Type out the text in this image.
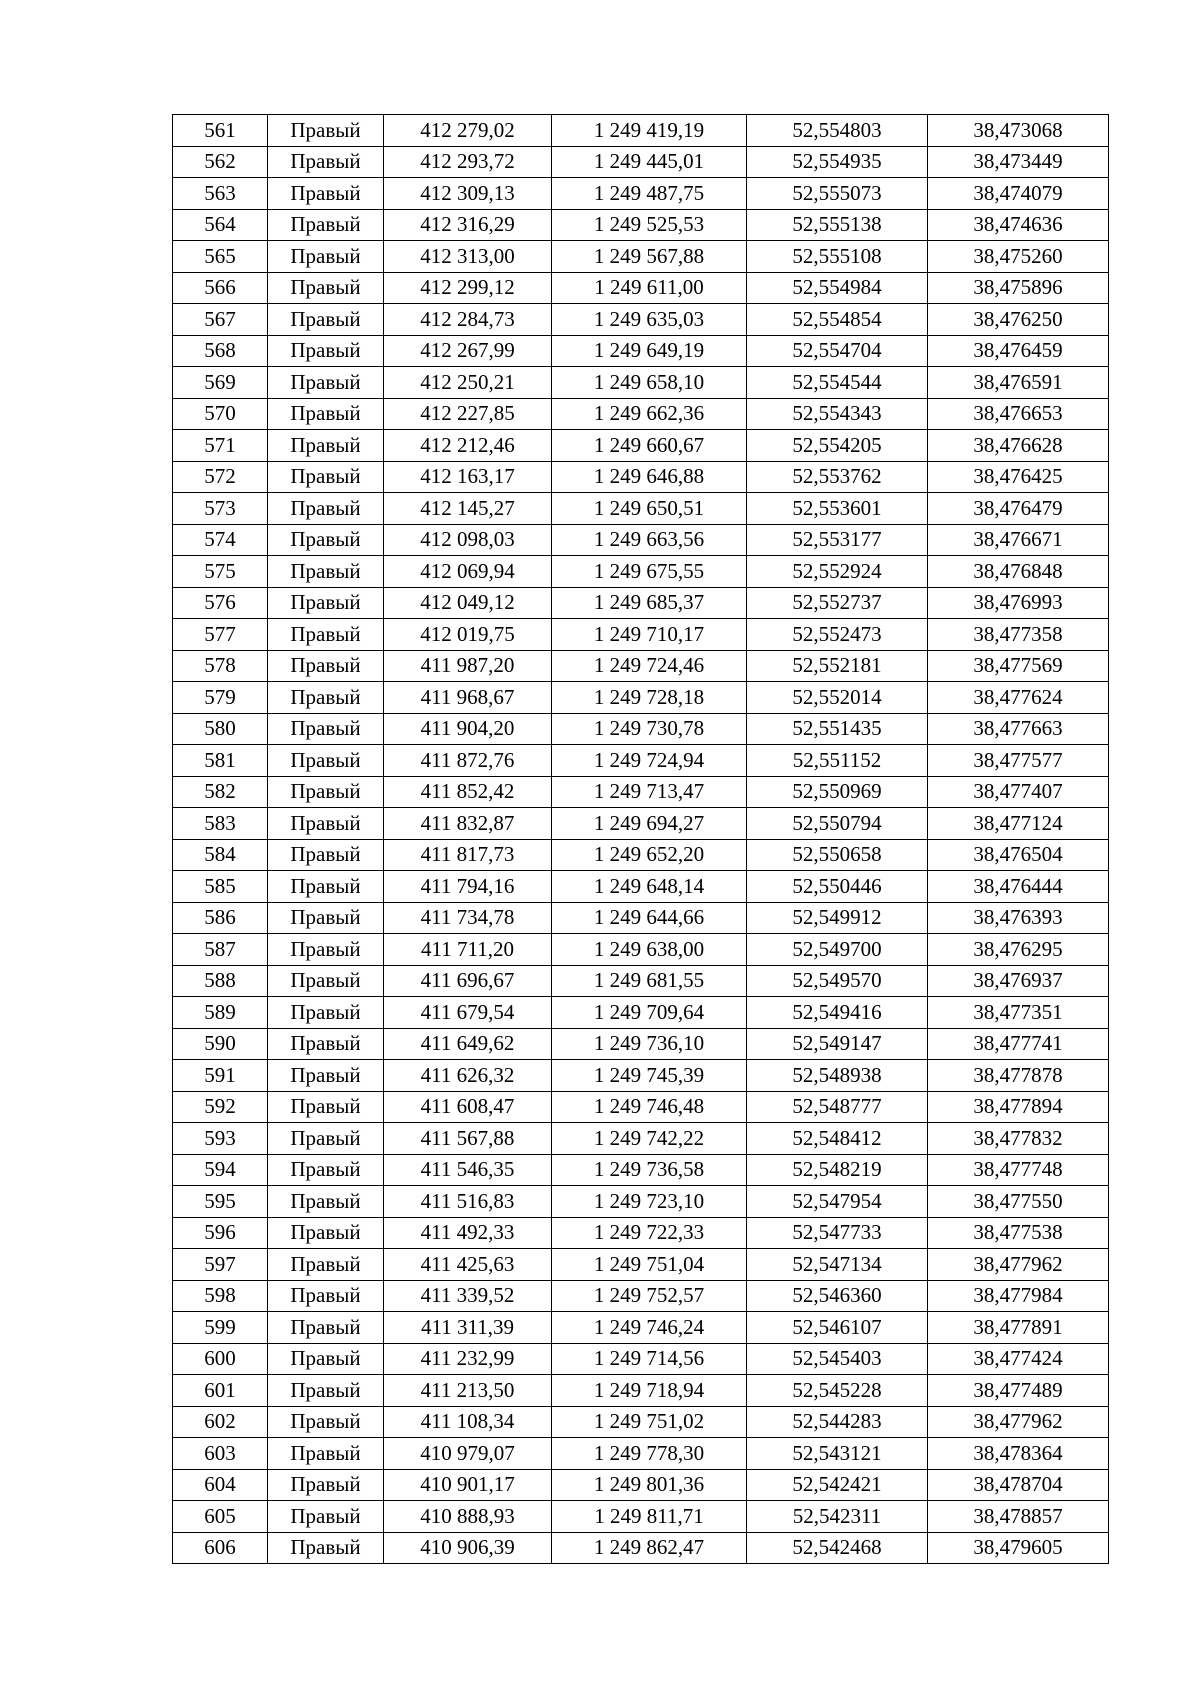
561	Правый	412 279,02	1 249 419,19	52,554803	38,473068
562	Правый	412 293,72	1 249 445,01	52,554935	38,473449
563	Правый	412 309,13	1 249 487,75	52,555073	38,474079
564	Правый	412 316,29	1 249 525,53	52,555138	38,474636
565	Правый	412 313,00	1 249 567,88	52,555108	38,475260
566	Правый	412 299,12	1 249 611,00	52,554984	38,475896
567	Правый	412 284,73	1 249 635,03	52,554854	38,476250
568	Правый	412 267,99	1 249 649,19	52,554704	38,476459
569	Правый	412 250,21	1 249 658,10	52,554544	38,476591
570	Правый	412 227,85	1 249 662,36	52,554343	38,476653
571	Правый	412 212,46	1 249 660,67	52,554205	38,476628
572	Правый	412 163,17	1 249 646,88	52,553762	38,476425
573	Правый	412 145,27	1 249 650,51	52,553601	38,476479
574	Правый	412 098,03	1 249 663,56	52,553177	38,476671
575	Правый	412 069,94	1 249 675,55	52,552924	38,476848
576	Правый	412 049,12	1 249 685,37	52,552737	38,476993
577	Правый	412 019,75	1 249 710,17	52,552473	38,477358
578	Правый	411 987,20	1 249 724,46	52,552181	38,477569
579	Правый	411 968,67	1 249 728,18	52,552014	38,477624
580	Правый	411 904,20	1 249 730,78	52,551435	38,477663
581	Правый	411 872,76	1 249 724,94	52,551152	38,477577
582	Правый	411 852,42	1 249 713,47	52,550969	38,477407
583	Правый	411 832,87	1 249 694,27	52,550794	38,477124
584	Правый	411 817,73	1 249 652,20	52,550658	38,476504
585	Правый	411 794,16	1 249 648,14	52,550446	38,476444
586	Правый	411 734,78	1 249 644,66	52,549912	38,476393
587	Правый	411 711,20	1 249 638,00	52,549700	38,476295
588	Правый	411 696,67	1 249 681,55	52,549570	38,476937
589	Правый	411 679,54	1 249 709,64	52,549416	38,477351
590	Правый	411 649,62	1 249 736,10	52,549147	38,477741
591	Правый	411 626,32	1 249 745,39	52,548938	38,477878
592	Правый	411 608,47	1 249 746,48	52,548777	38,477894
593	Правый	411 567,88	1 249 742,22	52,548412	38,477832
594	Правый	411 546,35	1 249 736,58	52,548219	38,477748
595	Правый	411 516,83	1 249 723,10	52,547954	38,477550
596	Правый	411 492,33	1 249 722,33	52,547733	38,477538
597	Правый	411 425,63	1 249 751,04	52,547134	38,477962
598	Правый	411 339,52	1 249 752,57	52,546360	38,477984
599	Правый	411 311,39	1 249 746,24	52,546107	38,477891
600	Правый	411 232,99	1 249 714,56	52,545403	38,477424
601	Правый	411 213,50	1 249 718,94	52,545228	38,477489
602	Правый	411 108,34	1 249 751,02	52,544283	38,477962
603	Правый	410 979,07	1 249 778,30	52,543121	38,478364
604	Правый	410 901,17	1 249 801,36	52,542421	38,478704
605	Правый	410 888,93	1 249 811,71	52,542311	38,478857
606	Правый	410 906,39	1 249 862,47	52,542468	38,479605
